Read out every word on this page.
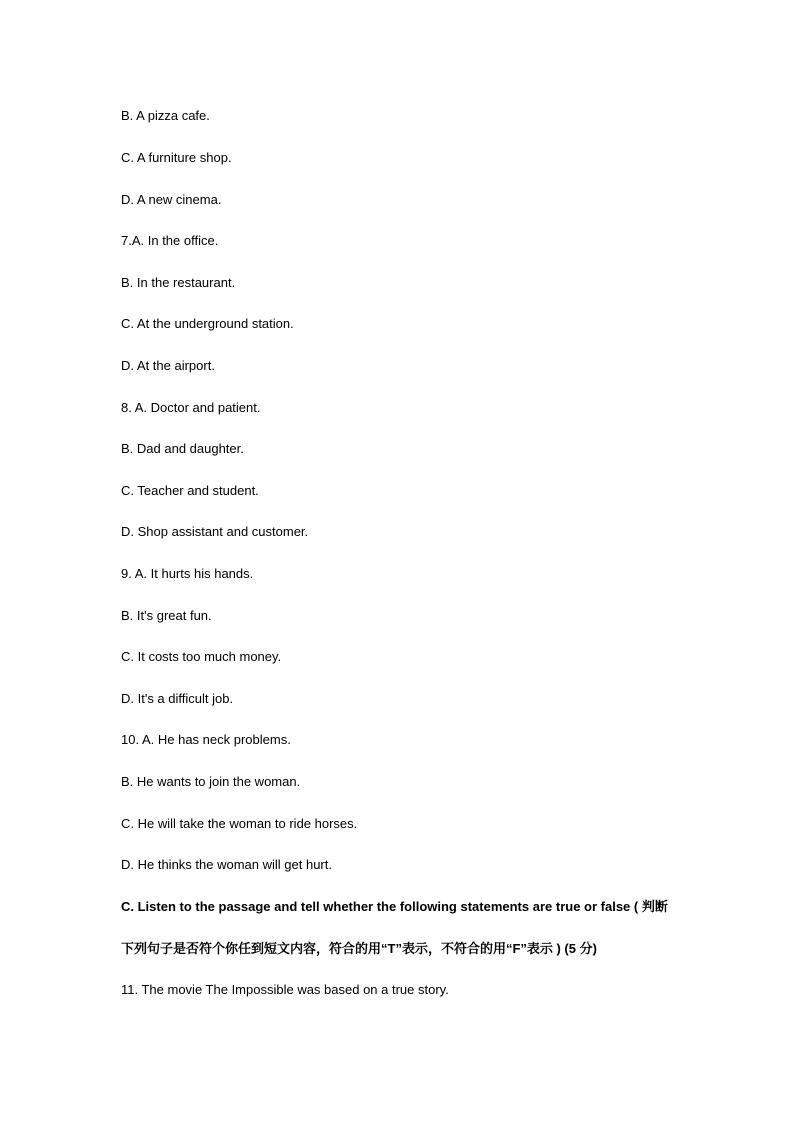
B. A pizza cafe.
C. A furniture shop.
D. A new cinema.
7.A. In the office.
B. In the restaurant.
C. At the underground station.
D. At the airport.
8. A. Doctor and patient.
B. Dad and daughter.
C. Teacher and student.
D. Shop assistant and customer.
9. A. It hurts his hands.
B. It's great fun.
C. It costs too much money.
D. It's a difficult job.
10. A. He has neck problems.
B. He wants to join the woman.
C. He will take the woman to ride horses.
D. He thinks the woman will get hurt.
C. Listen to the passage and tell whether the following statements are true or false ( 判断
下列句子是否符个你任到短文内容，符合的用“T”表示，不符合的用“F”表示 ) (5 分)
11. The movie The Impossible was based on a true story.
